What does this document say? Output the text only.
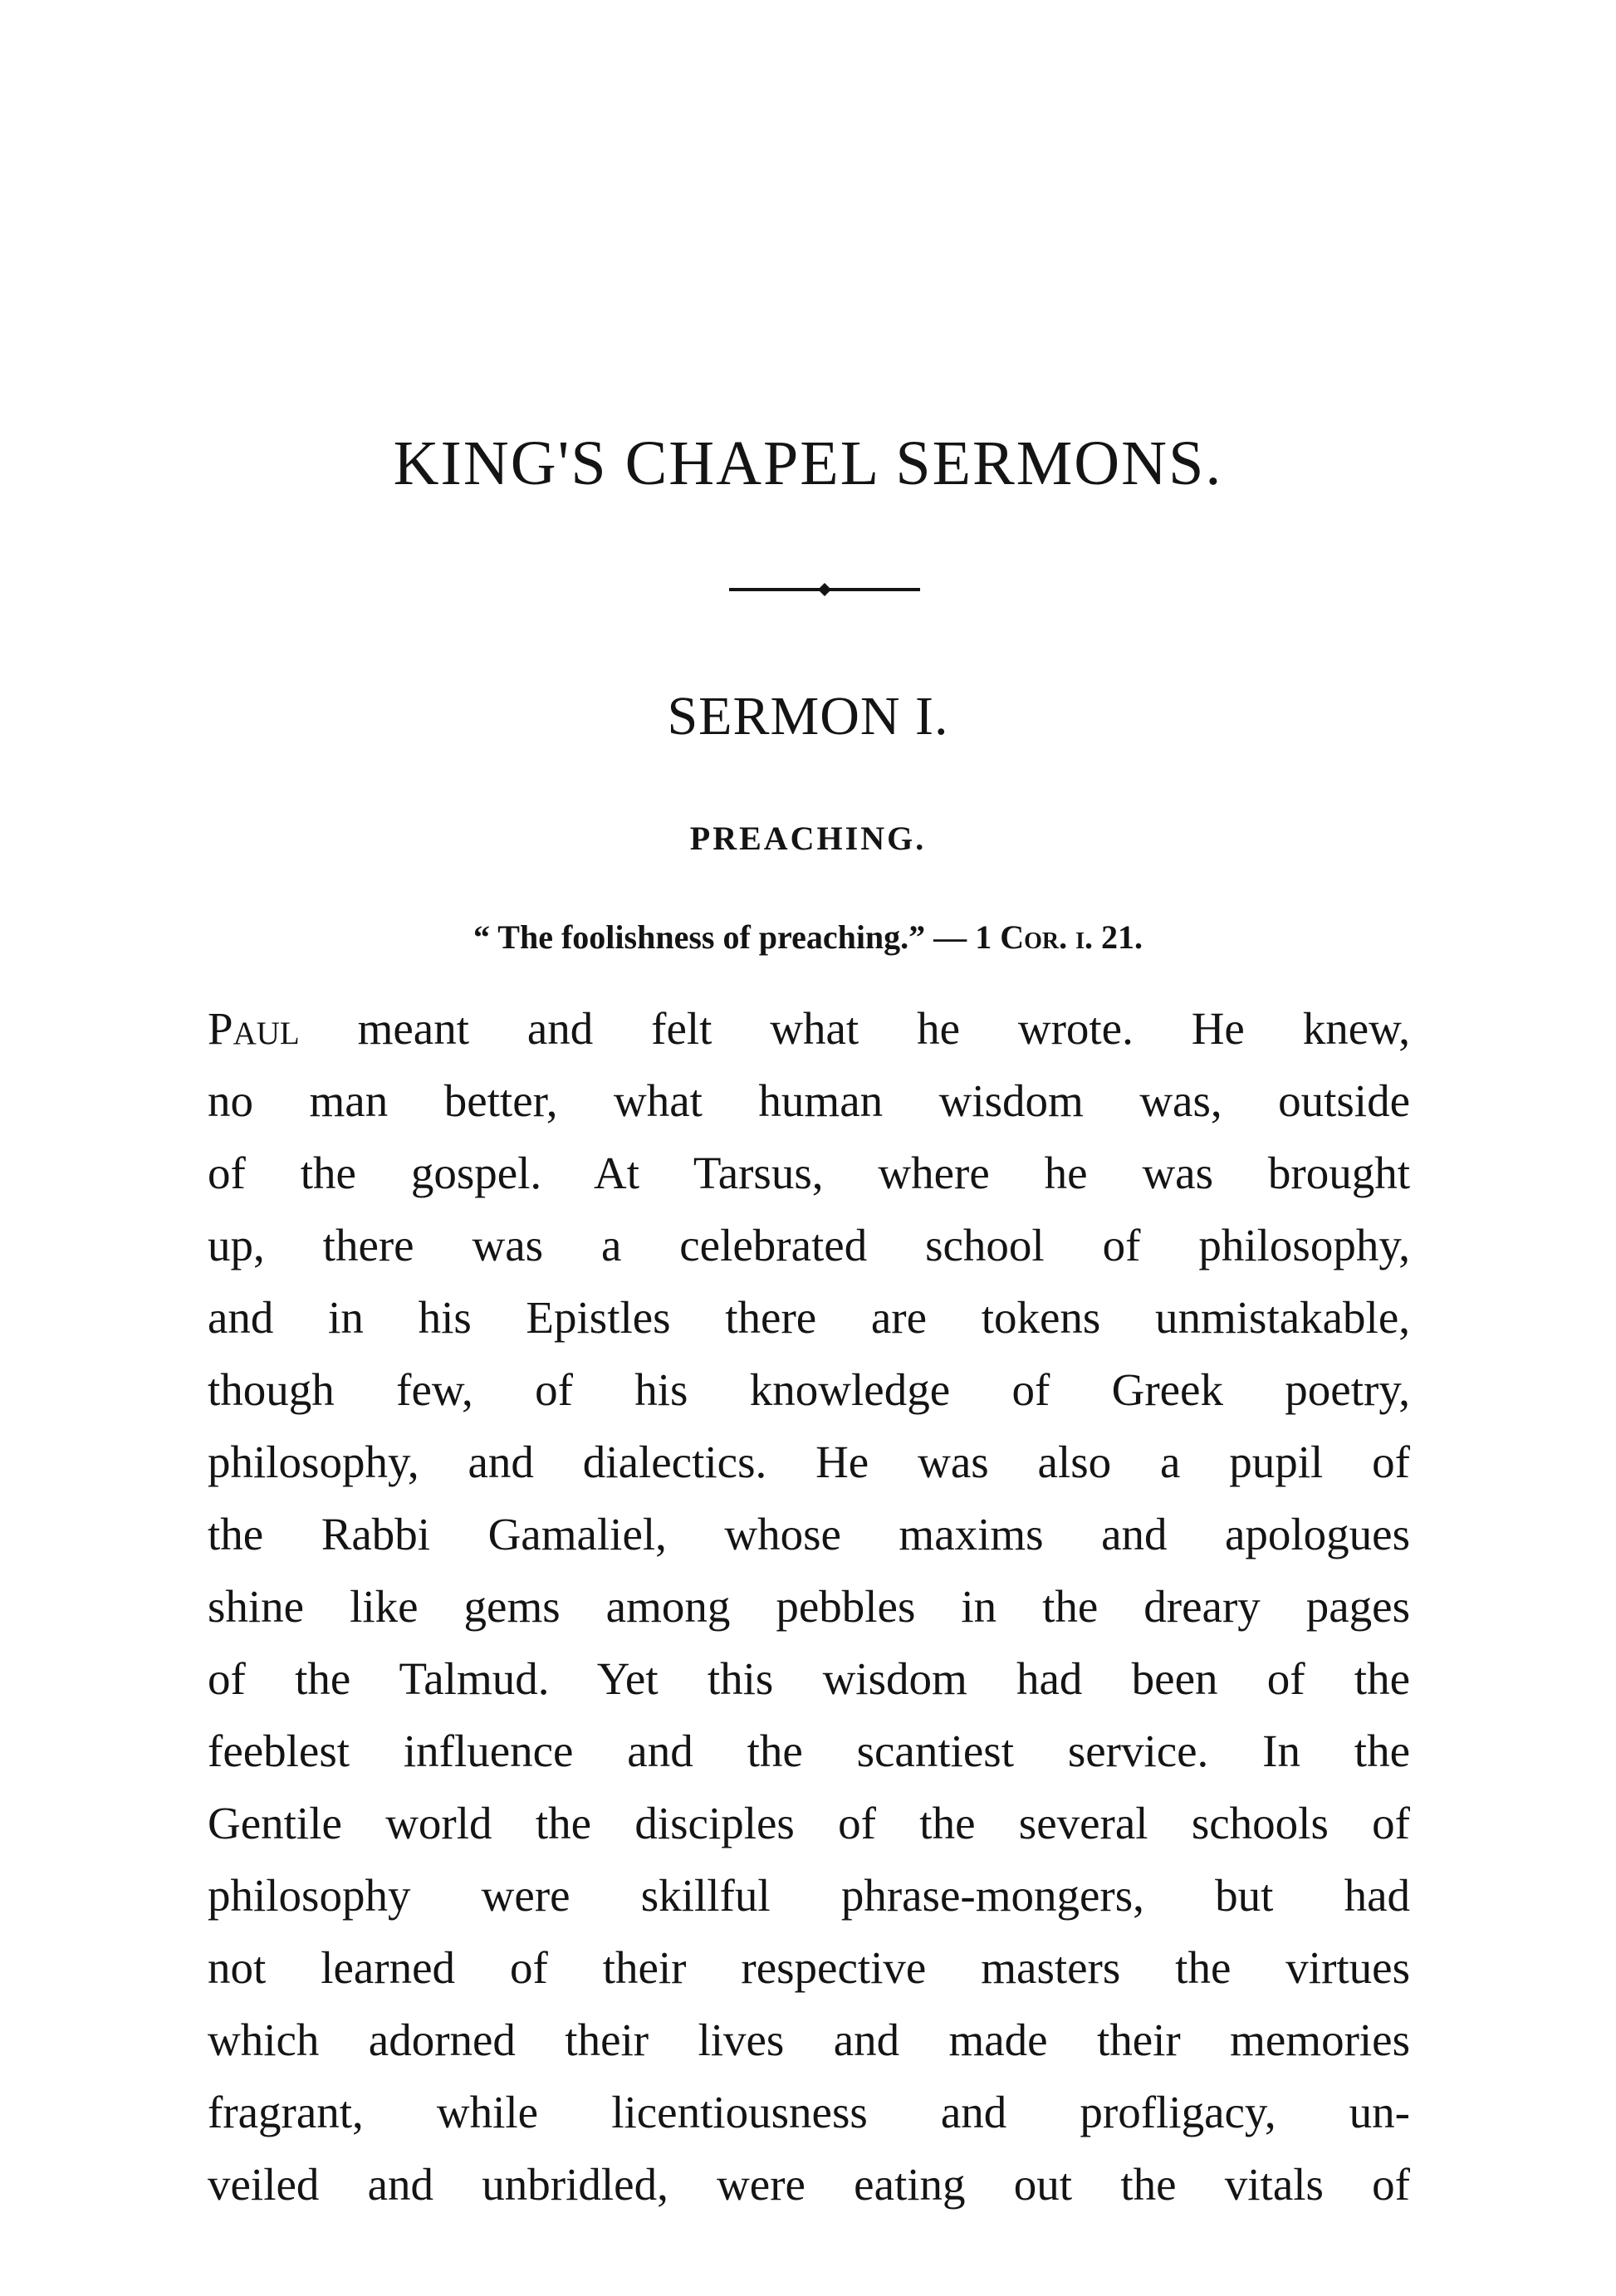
KING'S CHAPEL SERMONS.
SERMON I.
PREACHING.

“ The foolishness of preaching.” — 1 Cor. i. 21.

Paul meant and felt what he wrote. He knew,
no man better, what human wisdom was, outside
of the gospel. At Tarsus, where he was brought
up, there was a celebrated school of philosophy,
and in his Epistles there are tokens unmistakable,
though few, of his knowledge of Greek poetry,
philosophy, and dialectics. He was also a pupil of
the Rabbi Gamaliel, whose maxims and apologues
shine like gems among pebbles in the dreary pages
of the Talmud. Yet this wisdom had been of the
feeblest influence and the scantiest service. In the
Gentile world the disciples of the several schools of
philosophy were skillful phrase-mongers, but had
not learned of their respective masters the virtues
which adorned their lives and made their memories
fragrant, while licentiousness and profligacy, un-
veiled and unbridled, were eating out the vitals of
